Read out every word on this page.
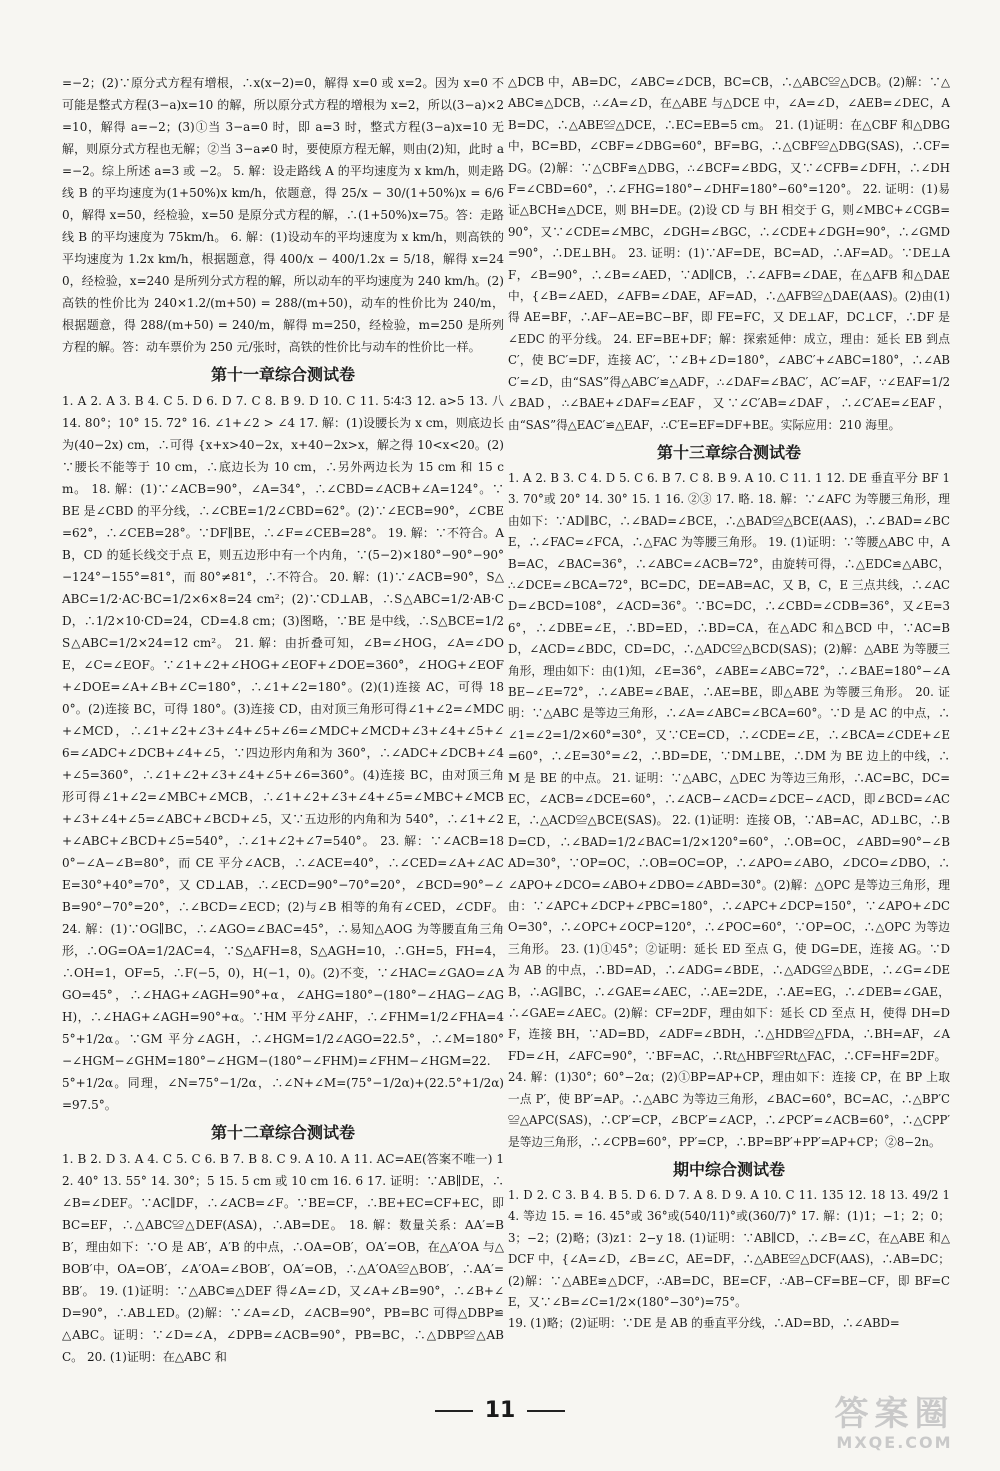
=−2；(2)∵原分式方程有增根，∴x(x−2)=0，解得 x=0 或 x=2。因为 x=0 不可能是整式方程(3−a)x=10 的解，所以原分式方程的增根为 x=2，所以(3−a)×2=10，解得 a=−2；(3)①当 3−a=0 时，即 a=3 时，整式方程(3−a)x=10 无解，则原分式方程也无解；②当 3−a≠0 时，要使原方程无解，则由(2)知，此时 a=−2。综上所述 a=3 或 −2。 5. 解：设走路线 A 的平均速度为 x km/h，则走路线 B 的平均速度为(1+50%)x km/h，依题意，得 25/x − 30/(1+50%)x = 6/60，解得 x=50，经检验，x=50 是原分式方程的解，∴(1+50%)x=75。答：走路线 B 的平均速度为 75km/h。 6. 解：(1)设动车的平均速度为 x km/h，则高铁的平均速度为 1.2x km/h，根据题意，得 400/x − 400/1.2x = 5/18，解得 x=240，经检验，x=240 是所列分式方程的解，所以动车的平均速度为 240 km/h。(2)高铁的性价比为 240×1.2/(m+50) = 288/(m+50)，动车的性价比为 240/m，根据题意，得 288/(m+50) = 240/m，解得 m=250，经检验，m=250 是所列方程的解。答：动车票价为 250 元/张时，高铁的性价比与动车的性价比一样。

第十一章综合测试卷

1. A 2. A 3. B 4. C 5. D 6. D 7. C 8. B 9. D 10. C 11. 5∶4∶3 12. a>5 13. 八 14. 80°；10° 15. 72° 16. ∠1+∠2 > ∠4 17. 解：(1)设腰长为 x cm，则底边长为(40−2x) cm，∴可得 {x+x>40−2x，x+40−2x>x，解之得 10<x<20。(2)∵腰长不能等于 10 cm，∴底边长为 10 cm，∴另外两边长为 15 cm 和 15 cm。 18. 解：(1)∵∠ACB=90°，∠A=34°，∴∠CBD=∠ACB+∠A=124°。∵BE 是∠CBD 的平分线，∴∠CBE=1/2∠CBD=62°。(2)∵∠ECB=90°，∠CBE=62°，∴∠CEB=28°。∵DF∥BE，∴∠F=∠CEB=28°。 19. 解：∵不符合。AB，CD 的延长线交于点 E，则五边形中有一个内角，∵(5−2)×180°−90°−90°−124°−155°=81°，而 80°≠81°，∴不符合。 20. 解：(1)∵∠ACB=90°，S△ABC=1/2·AC·BC=1/2×6×8=24 cm²；(2)∵CD⊥AB，∴S△ABC=1/2·AB·CD，∴1/2×10·CD=24，CD=4.8 cm；(3)图略，∵BE 是中线，∴S△BCE=1/2 S△ABC=1/2×24=12 cm²。 21. 解：由折叠可知，∠B=∠HOG，∠A=∠DOE，∠C=∠EOF。∵∠1+∠2+∠HOG+∠EOF+∠DOE=360°，∠HOG+∠EOF+∠DOE=∠A+∠B+∠C=180°，∴∠1+∠2=180°。(2)(1)连接 AC，可得 180°。(2)连接 BC，可得 180°。(3)连接 CD，由对顶三角形可得∠1+∠2=∠MDC+∠MCD，∴∠1+∠2+∠3+∠4+∠5+∠6=∠MDC+∠MCD+∠3+∠4+∠5+∠6=∠ADC+∠DCB+∠4+∠5，∵四边形内角和为 360°，∴∠ADC+∠DCB+∠4+∠5=360°，∴∠1+∠2+∠3+∠4+∠5+∠6=360°。(4)连接 BC，由对顶三角形可得∠1+∠2=∠MBC+∠MCB，∴∠1+∠2+∠3+∠4+∠5=∠MBC+∠MCB+∠3+∠4+∠5=∠ABC+∠BCD+∠5，又∵五边形的内角和为 540°，∴∠1+∠2+∠ABC+∠BCD+∠5=540°，∴∠1+∠2+∠7=540°。 23. 解：∵∠ACB=180°−∠A−∠B=80°，而 CE 平分∠ACB，∴∠ACE=40°，∴∠CED=∠A+∠ACE=30°+40°=70°，又 CD⊥AB，∴∠ECD=90°−70°=20°，∠BCD=90°−∠B=90°−70°=20°，∴∠BCD=∠ECD；(2)与∠B 相等的角有∠CED，∠CDF。 24. 解：(1)∵OG∥BC，∴∠AGO=∠BAC=45°，∴易知△AOG 为等腰直角三角形，∴OG=OA=1/2AC=4，∵S△AFH=8，S△AGH=10，∴GH=5，FH=4，∴OH=1，OF=5，∴F(−5，0)，H(−1，0)。(2)不变，∵∠HAC=∠GAO=∠AGO=45°，∴∠HAG+∠AGH=90°+α，∠AHG=180°−(180°−∠HAG−∠AGH)，∴∠HAG+∠AGH=90°+α。∵HM 平分∠AHF，∴∠FHM=1/2∠FHA=45°+1/2α。∵GM 平分∠AGH，∴∠HGM=1/2∠AGO=22.5°，∴∠M=180°−∠HGM−∠GHM=180°−∠HGM−(180°−∠FHM)=∠FHM−∠HGM=22.5°+1/2α。同理，∠N=75°−1/2α，∴∠N+∠M=(75°−1/2α)+(22.5°+1/2α)=97.5°。

第十二章综合测试卷

1. B 2. D 3. A 4. C 5. C 6. B 7. B 8. C 9. A 10. A 11. AC=AE(答案不唯一) 12. 40° 13. 55° 14. 30°；5 15. 5 cm 或 10 cm 16. 6 17. 证明：∵AB∥DE，∴∠B=∠DEF。∵AC∥DF，∴∠ACB=∠F。∵BE=CF，∴BE+EC=CF+EC，即 BC=EF，∴△ABC≌△DEF(ASA)，∴AB=DE。 18. 解：数量关系：AA′=BB′，理由如下：∵O 是 AB′，A′B 的中点，∴OA=OB′，OA′=OB，在△A′OA 与△BOB′中，OA=OB′，∠A′OA=∠BOB′，OA′=OB，∴△A′OA≌△BOB′，∴AA′=BB′。 19. (1)证明：∵△ABC≌△DEF 得∠A=∠D，又∠A+∠B=90°，∴∠B+∠D=90°，∴AB⊥ED。(2)解：∵∠A=∠D，∠ACB=90°，PB=BC 可得△DBP≌△ABC。证明：∵∠D=∠A，∠DPB=∠ACB=90°，PB=BC，∴△DBP≌△ABC。 20. (1)证明：在△ABC 和

△DCB 中，AB=DC，∠ABC=∠DCB，BC=CB，∴△ABC≌△DCB。(2)解：∵△ABC≌△DCB，∴∠A=∠D，在△ABE 与△DCE 中，∠A=∠D，∠AEB=∠DEC，AB=DC，∴△ABE≌△DCE，∴EC=EB=5 cm。 21. (1)证明：在△CBF 和△DBG 中，BC=BD，∠CBF=∠DBG=60°，BF=BG，∴△CBF≌△DBG(SAS)，∴CF=DG。(2)解：∵△CBF≌△DBG，∴∠BCF=∠BDG，又∵∠CFB=∠DFH，∴∠DHF=∠CBD=60°，∴∠FHG=180°−∠DHF=180°−60°=120°。 22. 证明：(1)易证△BCH≌△DCE，则 BH=DE。(2)设 CD 与 BH 相交于 G，则∠MBC+∠CGB=90°，又∵∠CDE=∠MBC，∠DGH=∠BGC，∴∠CDE+∠DGH=90°，∴∠GMD=90°，∴DE⊥BH。 23. 证明：(1)∵AF=DE，BC=AD，∴AF=AD。∵DE⊥AF，∠B=90°，∴∠B=∠AED，∵AD∥CB，∴∠AFB=∠DAE，在△AFB 和△DAE 中，{∠B=∠AED，∠AFB=∠DAE，AF=AD，∴△AFB≌△DAE(AAS)。(2)由(1)得 AE=BF，∴AF−AE=BC−BF，即 FE=FC，又 DE⊥AF，DC⊥CF，∴DF 是∠EDC 的平分线。 24. EF=BE+DF；解：探索延伸：成立，理由：延长 EB 到点 C′，使 BC′=DF，连接 AC′，∵∠B+∠D=180°，∠ABC′+∠ABC=180°，∴∠ABC′=∠D，由“SAS”得△ABC′≌△ADF，∴∠DAF=∠BAC′，AC′=AF，∵∠EAF=1/2∠BAD，∴∠BAE+∠DAF=∠EAF，又∵∠C′AB=∠DAF，∴∠C′AE=∠EAF，由“SAS”得△EAC′≌△EAF，∴C′E=EF=DF+BE。实际应用：210 海里。

第十三章综合测试卷

1. A 2. B 3. C 4. D 5. C 6. B 7. C 8. B 9. A 10. C 11. 1 12. DE 垂直平分 BF 13. 70°或 20° 14. 30° 15. 1 16. ②③ 17. 略. 18. 解：∵∠AFC 为等腰三角形，理由如下：∵AD∥BC，∴∠BAD=∠BCE，∴△BAD≌△BCE(AAS)，∴∠BAD=∠BCE，∴∠FAC=∠FCA，∴△FAC 为等腰三角形。 19. (1)证明：∵等腰△ABC 中，AB=AC，∠BAC=36°，∴∠ABC=∠ACB=72°，由旋转可得，∴△EDC≌△ABC，∴∠DCE=∠BCA=72°，BC=DC，DE=AB=AC，又 B，C，E 三点共线，∴∠ACD=∠BCD=108°，∠ACD=36°。∵BC=DC，∴∠CBD=∠CDB=36°，又∠E=36°，∴∠DBE=∠E，∴BD=ED，∴BD=CA，在△ADC 和△BCD 中，∵AC=BD，∠ACD=∠BDC，CD=DC，∴△ADC≌△BCD(SAS)；(2)解：△ABE 为等腰三角形，理由如下：由(1)知，∠E=36°，∠ABE=∠ABC=72°，∴∠BAE=180°−∠ABE−∠E=72°，∴∠ABE=∠BAE，∴AE=BE，即△ABE 为等腰三角形。 20. 证明：∵△ABC 是等边三角形，∴∠A=∠ABC=∠BCA=60°。∵D 是 AC 的中点，∴∠1=∠2=1/2×60°=30°，又∵CE=CD，∴∠CDE=∠E，∴∠BCA=∠CDE+∠E=60°，∴∠E=30°=∠2，∴BD=DE，∵DM⊥BE，∴DM 为 BE 边上的中线，∴M 是 BE 的中点。 21. 证明：∵△ABC，△DEC 为等边三角形，∴AC=BC，DC=EC，∠ACB=∠DCE=60°，∴∠ACB−∠ACD=∠DCE−∠ACD，即∠BCD=∠ACE，∴△ACD≌△BCE(SAS)。 22. (1)证明：连接 OB，∵AB=AC，AD⊥BC，∴BD=CD，∴∠BAD=1/2∠BAC=1/2×120°=60°，∴OB=OC，∠ABD=90°−∠BAD=30°，∵OP=OC，∴OB=OC=OP，∴∠APO=∠ABO，∠DCO=∠DBO，∴∠APO+∠DCO=∠ABO+∠DBO=∠ABD=30°。(2)解：△OPC 是等边三角形，理由：∵∠APC+∠DCP+∠PBC=180°，∴∠APC+∠DCP=150°，∵∠APO+∠DCO=30°，∴∠OPC+∠OCP=120°，∴∠POC=60°，∵OP=OC，∴△OPC 为等边三角形。 23. (1)①45°；②证明：延长 ED 至点 G，使 DG=DE，连接 AG。∵D 为 AB 的中点，∴BD=AD，∴∠ADG=∠BDE，∴△ADG≌△BDE，∴∠G=∠DEB，∴AG∥BC，∴∠GAE=∠AEC，∴AE=2DE，∴AE=EG，∴∠DEB=∠GAE，∴∠GAE=∠AEC。(2)解：CF=2DF，理由如下：延长 CD 至点 H，使得 DH=DF，连接 BH，∵AD=BD，∠ADF=∠BDH，∴△HDB≌△FDA，∴BH=AF，∠AFD=∠H，∠AFC=90°，∵BF=AC，∴Rt△HBF≌Rt△FAC，∴CF=HF=2DF。

24. 解：(1)30°；60°−2α；(2)①BP=AP+CP，理由如下：连接 CP，在 BP 上取一点 P′，使 BP′=AP。∴△ABC 为等边三角形，∠BAC=60°，BC=AC，∴△BP′C≌△APC(SAS)，∴CP′=CP，∠BCP′=∠ACP，∴∠PCP′=∠ACB=60°，∴△CPP′是等边三角形，∴∠CPB=60°，PP′=CP，∴BP=BP′+PP′=AP+CP；②8−2n。

期中综合测试卷

1. D 2. C 3. B 4. B 5. D 6. D 7. A 8. D 9. A 10. C 11. 135 12. 18 13. 49/2 14. 等边 15. = 16. 45°或 36°或(540/11)°或(360/7)° 17. 解：(1)1；−1；2；0；3；−2；(2)略；(3)z1：2−y 18. (1)证明：∵AB∥CD，∴∠B=∠C，在△ABE 和△DCF 中，{∠A=∠D，∠B=∠C，AE=DF，∴△ABE≌△DCF(AAS)，∴AB=DC；(2)解：∵△ABE≌△DCF，∴AB=DC，BE=CF，∴AB−CF=BE−CF，即 BF=CE，又∵∠B=∠C=1/2×(180°−30°)=75°。

19. (1)略；(2)证明：∵DE 是 AB 的垂直平分线，∴AD=BD，∴∠ABD=

11	答案圈
MXQE.COM
